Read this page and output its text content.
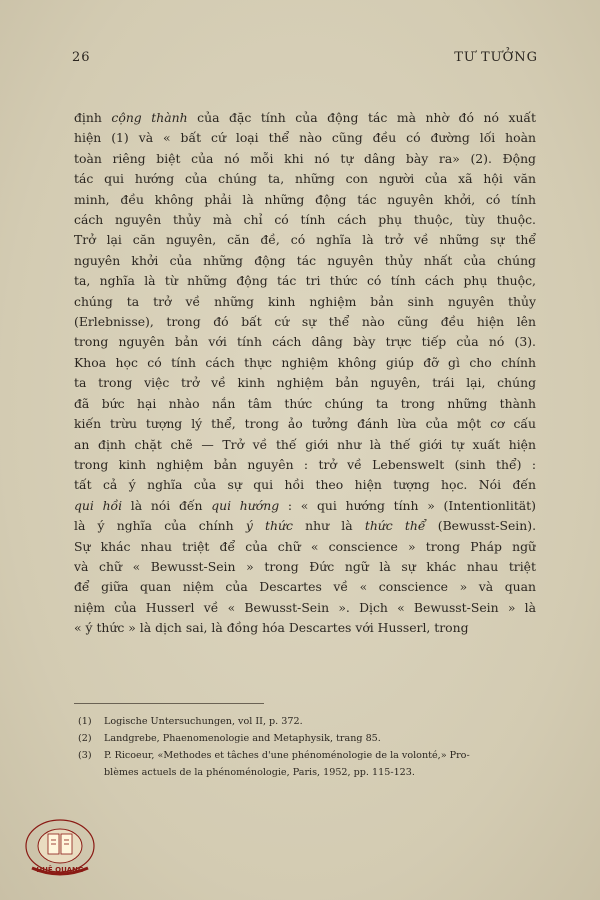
26	TƯ TƯỞNG
định cộng thành của đặc tính của động tác mà nhờ đó nó xuất
hiện (1) và « bất cứ loại thể nào cũng đều có đường lối hoàn
toàn riêng biệt của nó mỗi khi nó tự dâng bày ra» (2). Động
tác qui hướng của chúng ta, những con người của xã hội văn
minh, đều không phải là những động tác nguyên khởi, có tính
cách nguyên thủy mà chỉ có tính cách phụ thuộc, tùy thuộc.
Trở lại căn nguyên, căn đề, có nghĩa là trở về những sự thể
nguyên khởi của những động tác nguyên thủy nhất của chúng
ta, nghĩa là từ những động tác tri thức có tính cách phụ thuộc,
chúng ta trở về những kinh nghiệm bản sinh nguyên thủy
(Erlebnisse), trong đó bất cứ sự thể nào cũng đều hiện lên
trong nguyên bản với tính cách dâng bày trực tiếp của nó (3).
Khoa học có tính cách thực nghiệm không giúp đỡ gì cho chính
ta trong việc trở về kinh nghiệm bản nguyên, trái lại, chúng
đã bức hại nhào nắn tâm thức chúng ta trong những thành
kiến trừu tượng lý thể, trong ảo tưởng đánh lừa của một cơ cấu
an định chặt chẽ — Trở về thế giới như là thế giới tự xuất hiện
trong kinh nghiệm bản nguyên : trở về Lebenswelt (sinh thể) :
tất cả ý nghĩa của sự qui hồi theo hiện tượng học. Nói đến
qui hồi là nói đến qui hướng : « qui hướng tính » (Intentionlität)
là ý nghĩa của chính ý thức như là thức thể (Bewusst-Sein).
Sự khác nhau triệt để của chữ « conscience » trong Pháp ngữ
và chữ « Bewusst-Sein » trong Đức ngữ là sự khác nhau triệt
để giữa quan niệm của Descartes về « conscience » và quan
niệm của Husserl về « Bewusst-Sein ». Dịch « Bewusst-Sein » là
« ý thức » là dịch sai, là đồng hóa Descartes với Husserl, trong
(1)	Logische Untersuchungen, vol II, p. 372.
(2)	Landgrebe, Phaenomenologie and Metaphysik, trang 85.
(3)	P. Ricoeur, «Methodes et tâches d'une phénoménologie de la volonté,» Pro-
blèmes actuels de la phénoménologie, Paris, 1952, pp. 115-123.
HUỆ QUANG
